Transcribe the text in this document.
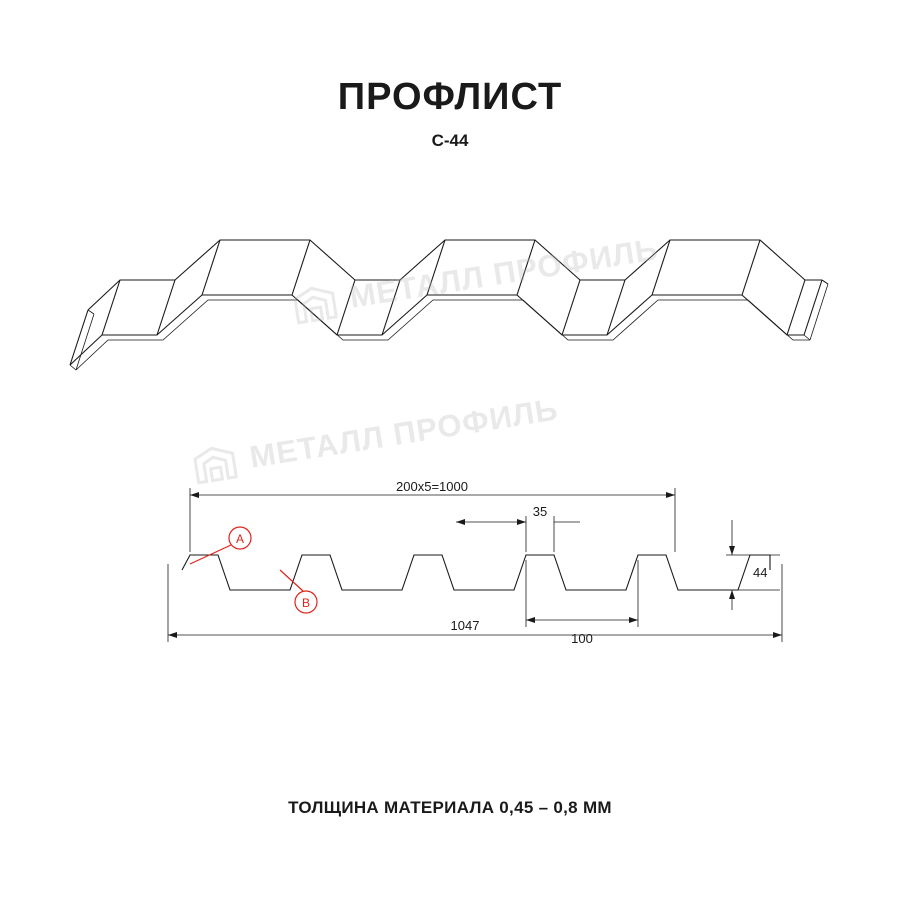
ПРОФЛИСТ
С-44
200х5=1000
35
100
44
1047
A
B
МЕТАЛЛ ПРОФИЛЬ
МЕТАЛЛ ПРОФИЛЬ
ТОЛЩИНА МАТЕРИАЛА 0,45 – 0,8 ММ
